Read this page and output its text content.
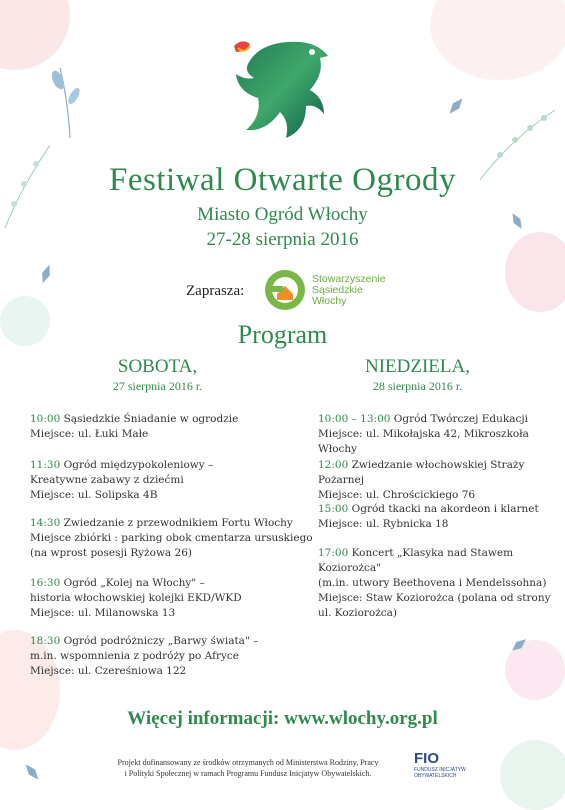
Festiwal Otwarte Ogrody
Miasto Ogród Włochy
27-28 sierpnia 2016
Zaprasza:
Stowarzyszenie
Sąsiedzkie
Włochy
Program
SOBOTA,
27 sierpnia 2016 r.
NIEDZIELA,
28 sierpnia 2016 r.
10:00 Sąsiedzkie Śniadanie w ogrodzie
Miejsce: ul. Łuki Małe
11:30 Ogród międzypokoleniowy –
Kreatywne zabawy z dziećmi
Miejsce: ul. Solipska 4B
14:30 Zwiedzanie z przewodnikiem Fortu Włochy
Miejsce zbiórki : parking obok cmentarza ursuskiego
(na wprost posesji Ryżowa 26)
16:30 Ogród „Kolej na Włochy" –
historia włochowskiej kolejki EKD/WKD
Miejsce: ul. Milanowska 13
18:30 Ogród podróżniczy „Barwy świata" –
m.in. wspomnienia z podróży po Afryce
Miejsce: ul. Czereśniowa 122
10:00 – 13:00 Ogród Twórczej Edukacji
Miejsce: ul. Mikołajska 42, Mikroszkoła Włochy
12:00 Zwiedzanie włochowskiej Straży Pożarnej
Miejsce: ul. Chrościckiego 76
15:00 Ogród tkacki na akordeon i klarnet
Miejsce: ul. Rybnicka 18
17:00 Koncert „Klasyka nad Stawem Koziorożca"
(m.in. utwory Beethovena i Mendelssohna)
Miejsce: Staw Koziorożca (polana od strony
ul. Koziorożca)
Więcej informacji: www.wlochy.org.pl
Projekt dofinansowany ze środków otrzymanych od Ministerstwa Rodziny, Pracy
i Polityki Społecznej w ramach Programu Fundusz Inicjatyw Obywatelskich.
FIO
FUNDUSZ INICJATYW
OBYWATELSKICH
